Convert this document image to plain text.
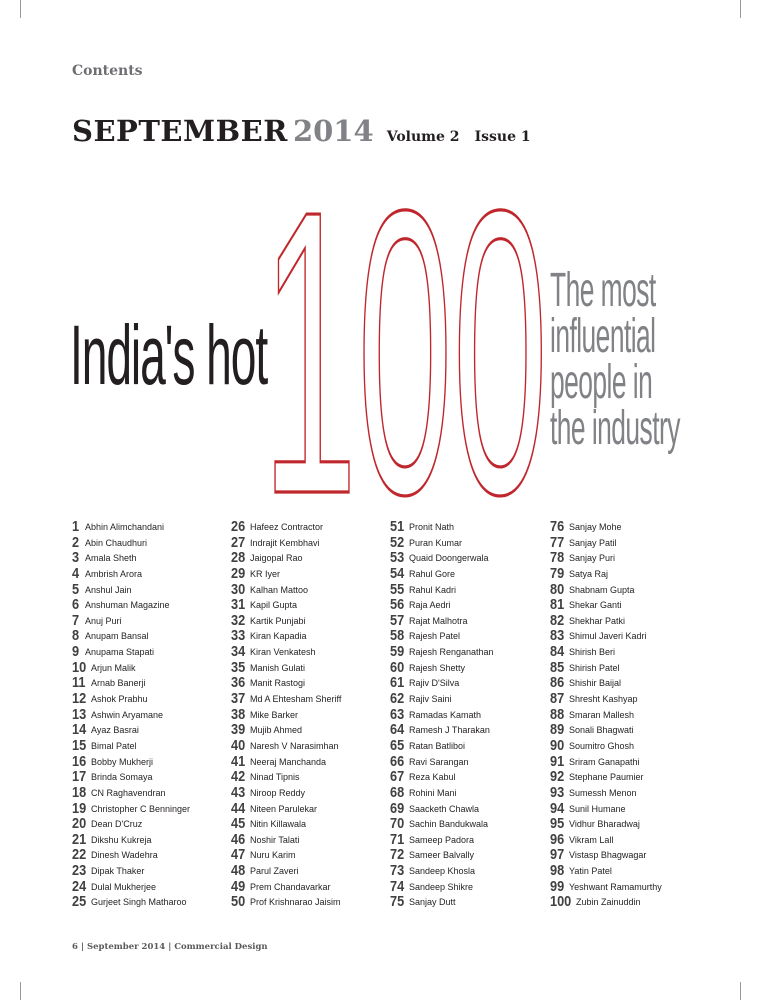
Contents
SEPTEMBER 2014 Volume 2 Issue 1
India's hot
100 The most
influential
people in
the industry
1 Abhin Alimchandani
2 Abin Chaudhuri
3 Amala Sheth
4 Ambrish Arora
5 Anshul Jain
6 Anshuman Magazine
7 Anuj Puri
8 Anupam Bansal
9 Anupama Stapati
10 Arjun Malik
11 Arnab Banerji
12 Ashok Prabhu
13 Ashwin Aryamane
14 Ayaz Basrai
15 Bimal Patel
16 Bobby Mukherji
17 Brinda Somaya
18 CN Raghavendran
19 Christopher C Benninger
20 Dean D'Cruz
21 Dikshu Kukreja
22 Dinesh Wadehra
23 Dipak Thaker
24 Dulal Mukherjee
25 Gurjeet Singh Matharoo
26 Hafeez Contractor
27 Indrajit Kembhavi
28 Jaigopal Rao
29 KR Iyer
30 Kalhan Mattoo
31 Kapil Gupta
32 Kartik Punjabi
33 Kiran Kapadia
34 Kiran Venkatesh
35 Manish Gulati
36 Manit Rastogi
37 Md A Ehtesham Sheriff
38 Mike Barker
39 Mujib Ahmed
40 Naresh V Narasimhan
41 Neeraj Manchanda
42 Ninad Tipnis
43 Niroop Reddy
44 Niteen Parulekar
45 Nitin Killawala
46 Noshir Talati
47 Nuru Karim
48 Parul Zaveri
49 Prem Chandavarkar
50 Prof Krishnarao Jaisim
51 Pronit Nath
52 Puran Kumar
53 Quaid Doongerwala
54 Rahul Gore
55 Rahul Kadri
56 Raja Aedri
57 Rajat Malhotra
58 Rajesh Patel
59 Rajesh Renganathan
60 Rajesh Shetty
61 Rajiv D'Silva
62 Rajiv Saini
63 Ramadas Kamath
64 Ramesh J Tharakan
65 Ratan Batliboi
66 Ravi Sarangan
67 Reza Kabul
68 Rohini Mani
69 Saacketh Chawla
70 Sachin Bandukwala
71 Sameep Padora
72 Sameer Balvally
73 Sandeep Khosla
74 Sandeep Shikre
75 Sanjay Dutt
76 Sanjay Mohe
77 Sanjay Patil
78 Sanjay Puri
79 Satya Raj
80 Shabnam Gupta
81 Shekar Ganti
82 Shekhar Patki
83 Shimul Javeri Kadri
84 Shirish Beri
85 Shirish Patel
86 Shishir Baijal
87 Shresht Kashyap
88 Smaran Mallesh
89 Sonali Bhagwati
90 Soumitro Ghosh
91 Sriram Ganapathi
92 Stephane Paumier
93 Sumessh Menon
94 Sunil Humane
95 Vidhur Bharadwaj
96 Vikram Lall
97 Vistasp Bhagwagar
98 Yatin Patel
99 Yeshwant Ramamurthy
100 Zubin Zainuddin
6 | September 2014 | Commercial Design
